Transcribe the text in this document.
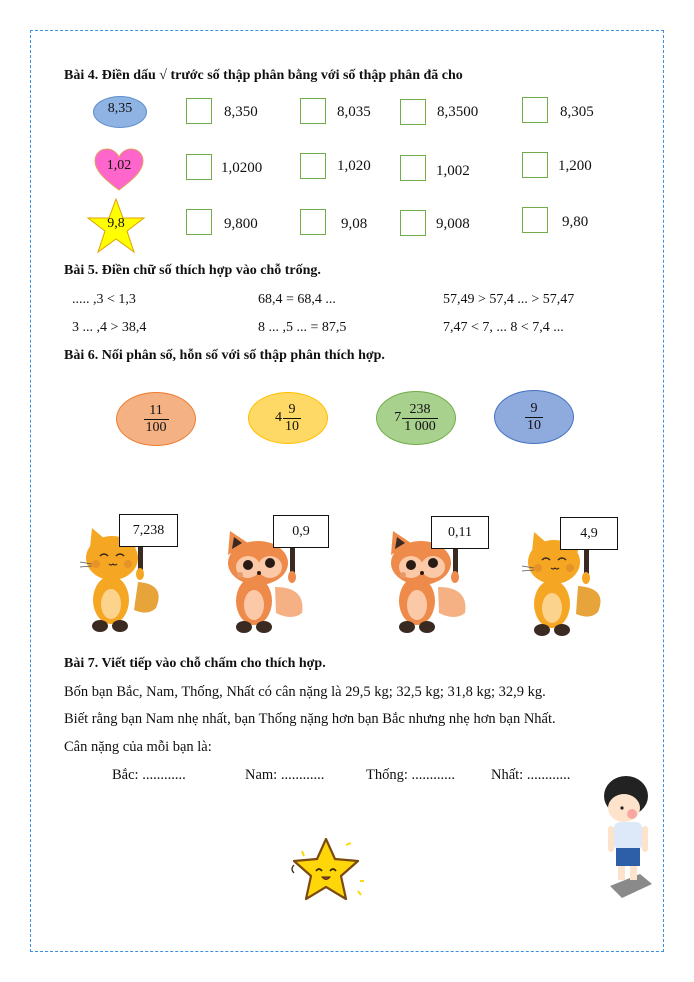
Bài 4. Điền dấu √ trước số thập phân bằng với số thập phân đã cho
8,35	8,350	8,035	8,3500	8,305
1,02	1,0200	1,020	1,002	1,200
9,8	9,800	9,08	9,008	9,80
Bài 5. Điền chữ số thích hợp vào chỗ trống.
..... ,3 < 1,3	68,4 = 68,4 ...	57,49 > 57,4 ... > 57,47
3 ... ,4 > 38,4	8 ... ,5 ... = 87,5	7,47 < 7, ... 8 < 7,4 ...
Bài 6. Nối phân số, hỗn số với số thập phân thích hợp.
$\frac{11}{100}$	$4 \frac{9}{10}$	$7 \frac{238}{1 000}$	$\frac{9}{10}$
7,238	0,9	0,11	4,9
Bài 7. Viết tiếp vào chỗ chấm cho thích hợp.
Bốn bạn Bắc, Nam, Thống, Nhất có cân nặng là 29,5 kg; 32,5 kg; 31,8 kg; 32,9 kg.
Biết rằng bạn Nam nhẹ nhất, bạn Thống nặng hơn bạn Bắc nhưng nhẹ hơn bạn Nhất.
Cân nặng của mỗi bạn là:
Bắc: ............	Nam: ............	Thống: ............ Nhất: ............
